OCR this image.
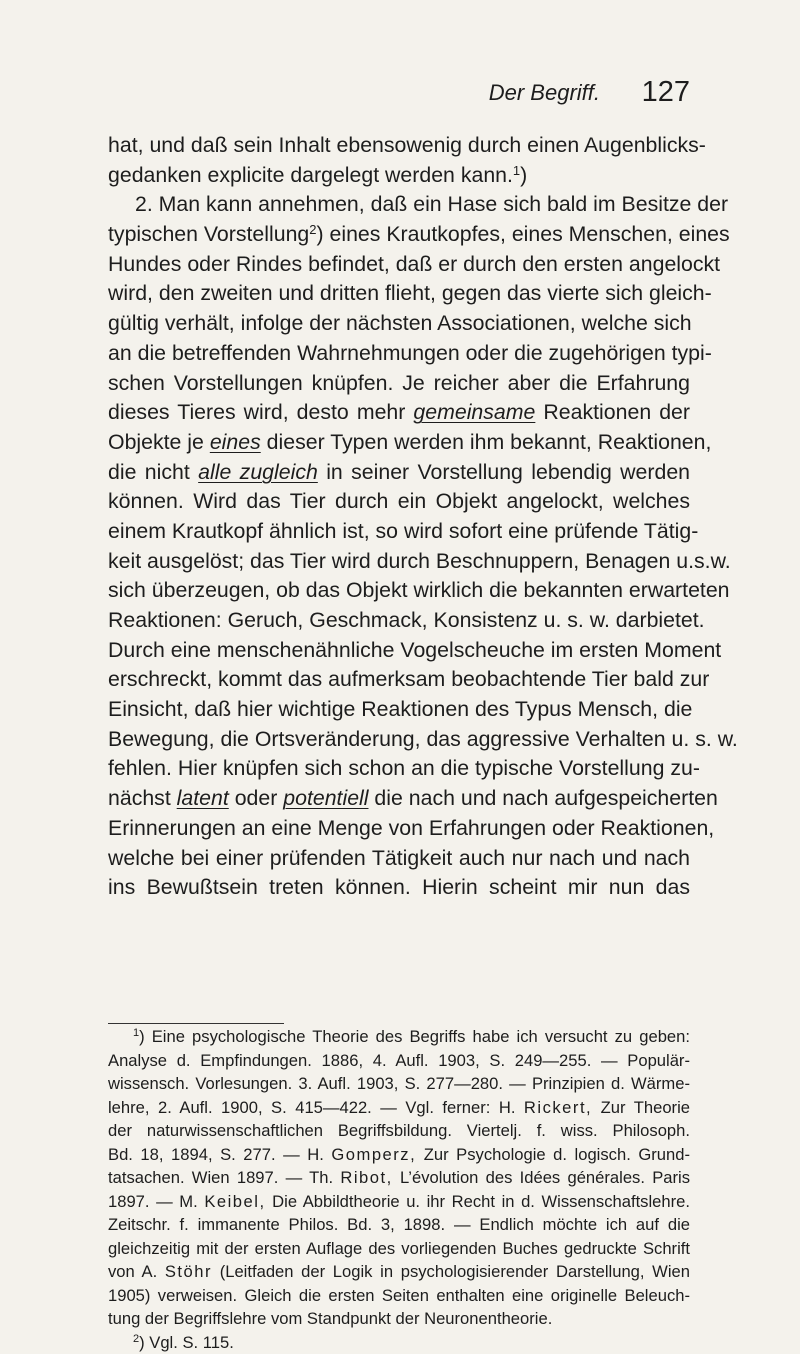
Der Begriff. 127
hat, und daß sein Inhalt ebensowenig durch einen Augenblicks-
gedanken explicite dargelegt werden kann.$^1$)
2. Man kann annehmen, daß ein Hase sich bald im Besitze der
typischen Vorstellung$^2$) eines Krautkopfes, eines Menschen, eines
Hundes oder Rindes befindet, daß er durch den ersten angelockt
wird, den zweiten und dritten flieht, gegen das vierte sich gleich-
gültig verhält, infolge der nächsten Associationen, welche sich
an die betreffenden Wahrnehmungen oder die zugehörigen typi-
schen Vorstellungen knüpfen. Je reicher aber die Erfahrung
dieses Tieres wird, desto mehr gemeinsame Reaktionen der
Objekte je eines dieser Typen werden ihm bekannt, Reaktionen,
die nicht alle zugleich in seiner Vorstellung lebendig werden
können. Wird das Tier durch ein Objekt angelockt, welches
einem Krautkopf ähnlich ist, so wird sofort eine prüfende Tätig-
keit ausgelöst; das Tier wird durch Beschnuppern, Benagen u.s.w.
sich überzeugen, ob das Objekt wirklich die bekannten erwarteten
Reaktionen: Geruch, Geschmack, Konsistenz u. s. w. darbietet.
Durch eine menschenähnliche Vogelscheuche im ersten Moment
erschreckt, kommt das aufmerksam beobachtende Tier bald zur
Einsicht, daß hier wichtige Reaktionen des Typus Mensch, die
Bewegung, die Ortsveränderung, das aggressive Verhalten u. s. w.
fehlen. Hier knüpfen sich schon an die typische Vorstellung zu-
nächst latent oder potentiell die nach und nach aufgespeicherten
Erinnerungen an eine Menge von Erfahrungen oder Reaktionen,
welche bei einer prüfenden Tätigkeit auch nur nach und nach
ins Bewußtsein treten können. Hierin scheint mir nun das
$^1$) Eine psychologische Theorie des Begriffs habe ich versucht zu geben:
Analyse d. Empfindungen. 1886, 4. Aufl. 1903, S. 249—255. — Populär-
wissensch. Vorlesungen. 3. Aufl. 1903, S. 277—280. — Prinzipien d. Wärme-
lehre, 2. Aufl. 1900, S. 415—422. — Vgl. ferner: H. Rickert, Zur Theorie
der naturwissenschaftlichen Begriffsbildung. Viertelj. f. wiss. Philosoph.
Bd. 18, 1894, S. 277. — H. Gomperz, Zur Psychologie d. logisch. Grund-
tatsachen. Wien 1897. — Th. Ribot, L’évolution des Idées générales. Paris
1897. — M. Keibel, Die Abbildtheorie u. ihr Recht in d. Wissenschaftslehre.
Zeitschr. f. immanente Philos. Bd. 3, 1898. — Endlich möchte ich auf die
gleichzeitig mit der ersten Auflage des vorliegenden Buches gedruckte Schrift
von A. Stöhr (Leitfaden der Logik in psychologisierender Darstellung, Wien
1905) verweisen. Gleich die ersten Seiten enthalten eine originelle Beleuch-
tung der Begriffslehre vom Standpunkt der Neuronentheorie.
$^2$) Vgl. S. 115.
